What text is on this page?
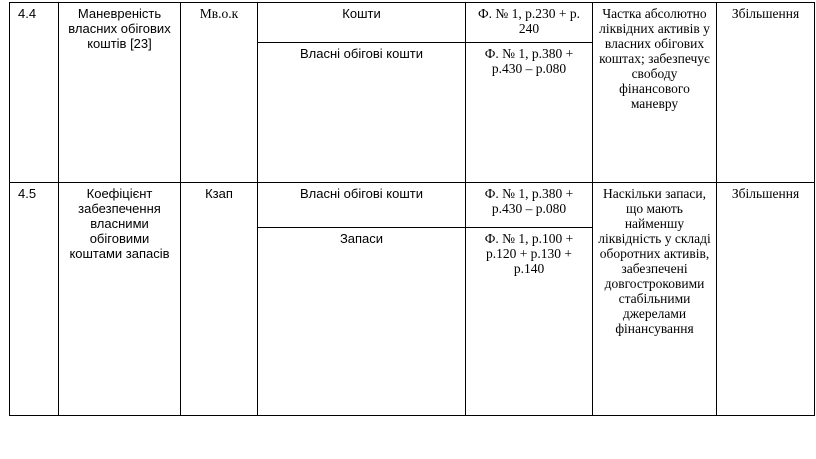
4.4	Маневреність власних обігових коштів [23]	Мв.о.к	Кошти	Ф. № 1, р.230 + р. 240	Частка абсолютно ліквідних активів у власних обігових коштах; забезпечує свободу фінансового маневру	Збільшення
			Власні обігові кошти	Ф. № 1, р.380 + р.430 – р.080		
4.5	Коефіцієнт забезпечення власними обіговими коштами запасів	Кзап	Власні обігові кошти	Ф. № 1, р.380 + р.430 – р.080	Наскільки запаси, що мають найменшу ліквідність у складі оборотних активів, забезпечені довгостроковими стабільними джерелами фінансування	Збільшення
			Запаси	Ф. № 1, р.100 + р.120 + р.130 + р.140		
